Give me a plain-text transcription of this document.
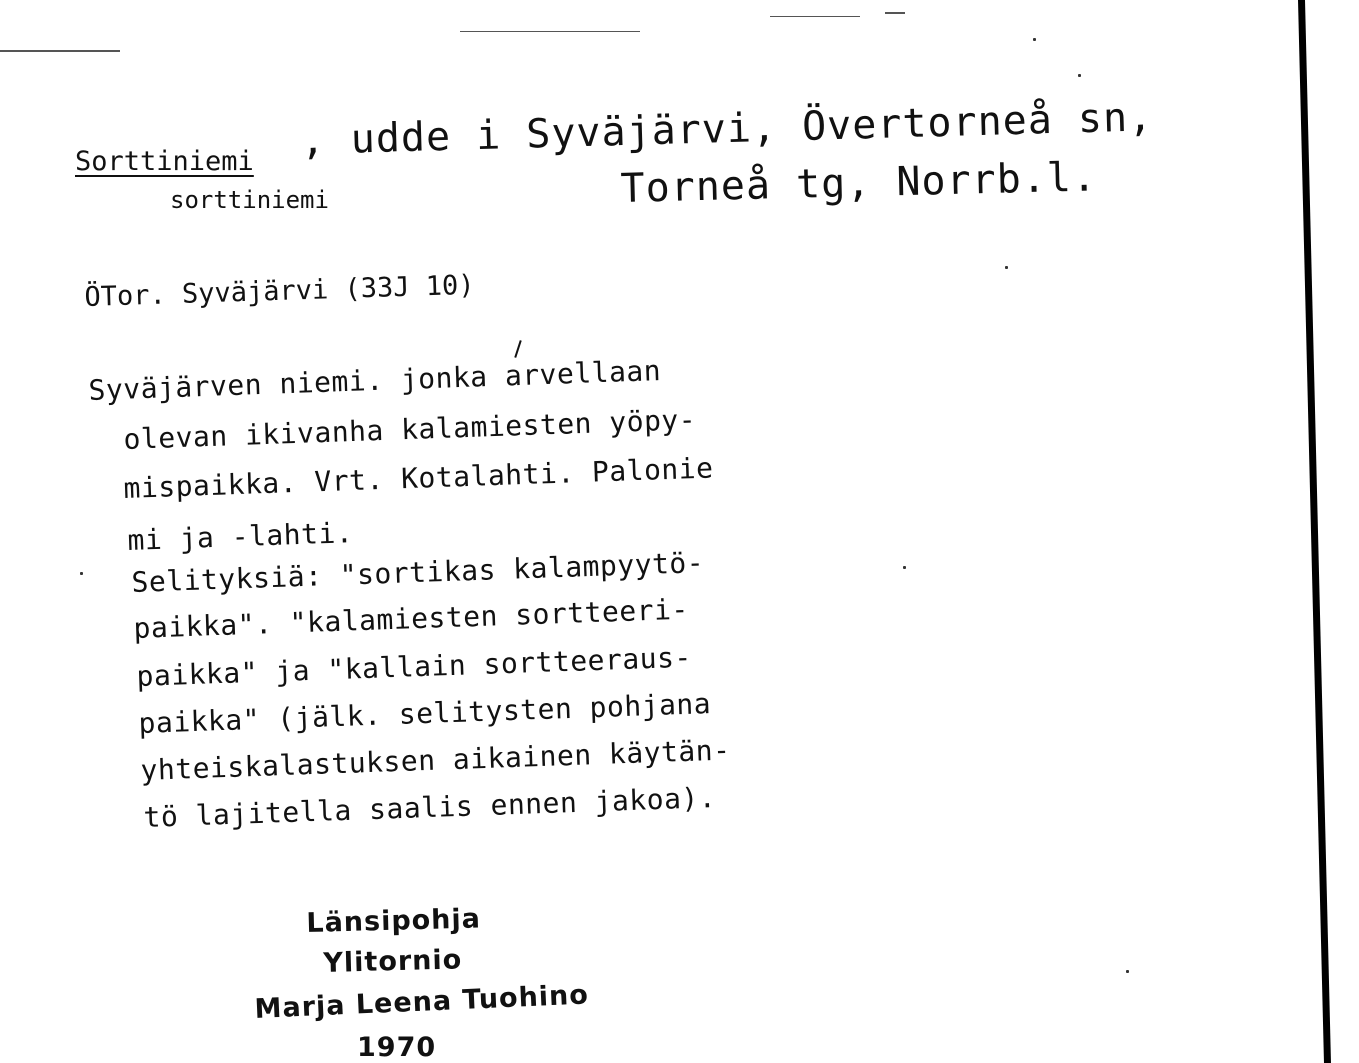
Sorttiniemi , udde i Syväjärvi, Övertorneå sn,
sorttiniemi	Torneå tg, Norrb.l.
ÖTor. Syväjärvi (33J 10)
Syväjärven niemi. jonka arvellaan
olevan ikivanha kalamiesten yöpy-
mispaikka. Vrt. Kotalahti. Palonie
mi ja -lahti.
Selityksiä: "sortikas kalampyytö-
paikka". "kalamiesten sortteeri-
paikka" ja "kallain sortteeraus-
paikka" (jälk. selitysten pohjana
yhteiskalastuksen aikainen käytän-
tö lajitella saalis ennen jakoa).
Länsipohja
Ylitornio
Marja Leena Tuohino
1970
